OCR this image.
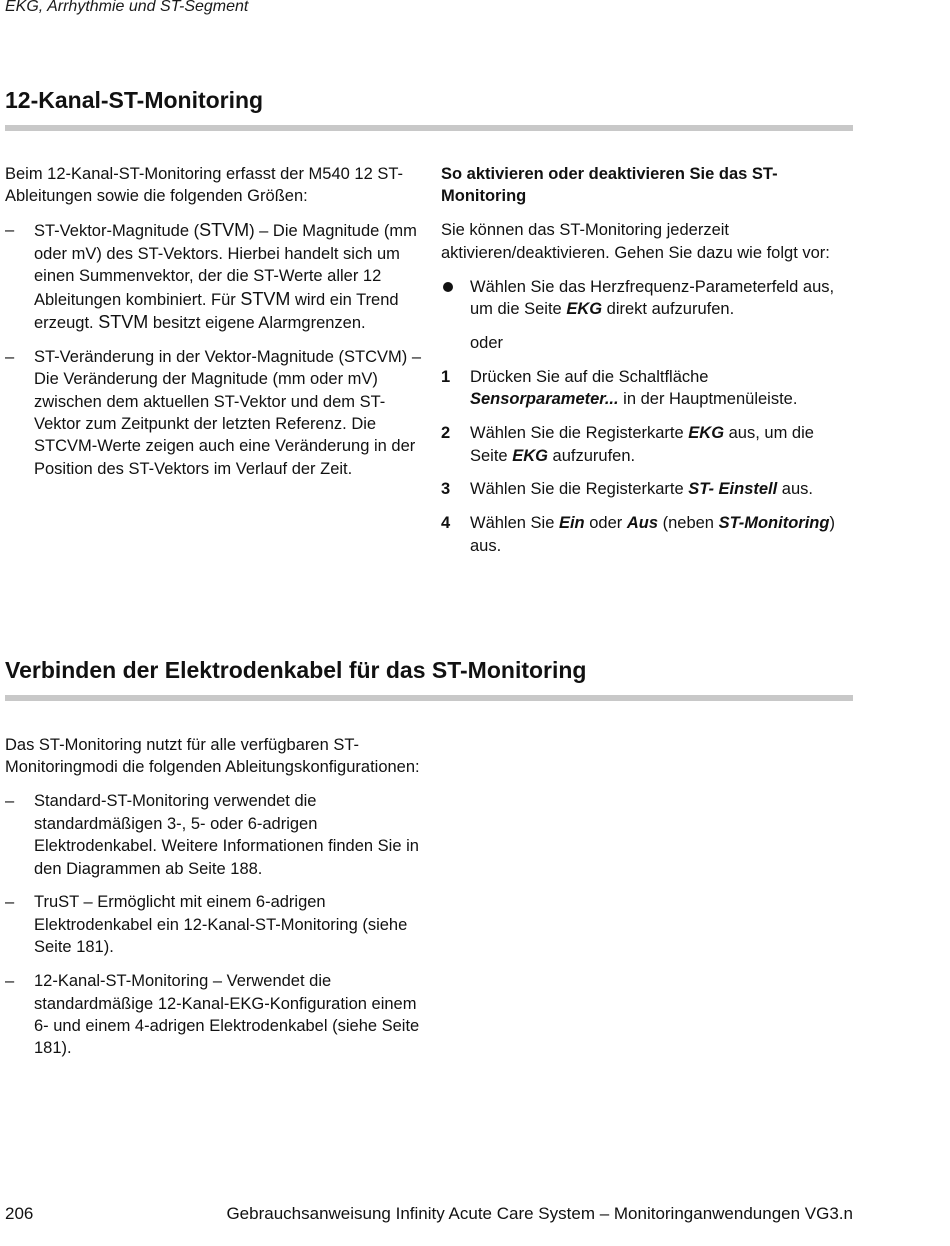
EKG, Arrhythmie und ST-Segment
12-Kanal-ST-Monitoring

Beim 12-Kanal-ST-Monitoring erfasst der M540 12 ST-Ableitungen sowie die folgenden Größen:

– ST-Vektor-Magnitude (STVM) – Die Magnitude (mm oder mV) des ST-Vektors. Hierbei handelt sich um einen Summenvektor, der die ST-Werte aller 12 Ableitungen kombiniert. Für STVM wird ein Trend erzeugt. STVM besitzt eigene Alarmgrenzen.
– ST-Veränderung in der Vektor-Magnitude (STCVM) – Die Veränderung der Magnitude (mm oder mV) zwischen dem aktuellen ST-Vektor und dem ST-Vektor zum Zeitpunkt der letzten Referenz. Die STCVM-Werte zeigen auch eine Veränderung in der Position des ST-Vektors im Verlauf der Zeit.

So aktivieren oder deaktivieren Sie das ST-Monitoring

Sie können das ST-Monitoring jederzeit aktivieren/deaktivieren. Gehen Sie dazu wie folgt vor:

Wählen Sie das Herzfrequenz-Parameterfeld aus, um die Seite EKG direkt aufzurufen.
oder
1 Drücken Sie auf die Schaltfläche Sensorparameter... in der Hauptmenüleiste.
2 Wählen Sie die Registerkarte EKG aus, um die Seite EKG aufzurufen.
3 Wählen Sie die Registerkarte ST- Einstell aus.
4 Wählen Sie Ein oder Aus (neben ST-Monitoring) aus.
Verbinden der Elektrodenkabel für das ST-Monitoring

Das ST-Monitoring nutzt für alle verfügbaren ST-Monitoringmodi die folgenden Ableitungskonfigurationen:

– Standard-ST-Monitoring verwendet die standardmäßigen 3-, 5- oder 6-adrigen Elektrodenkabel. Weitere Informationen finden Sie in den Diagrammen ab Seite 188.
– TruST – Ermöglicht mit einem 6-adrigen Elektrodenkabel ein 12-Kanal-ST-Monitoring (siehe Seite 181).
– 12-Kanal-ST-Monitoring – Verwendet die standardmäßige 12-Kanal-EKG-Konfiguration einem 6- und einem 4-adrigen Elektrodenkabel (siehe Seite 181).
206	Gebrauchsanweisung Infinity Acute Care System – Monitoringanwendungen VG3.n
